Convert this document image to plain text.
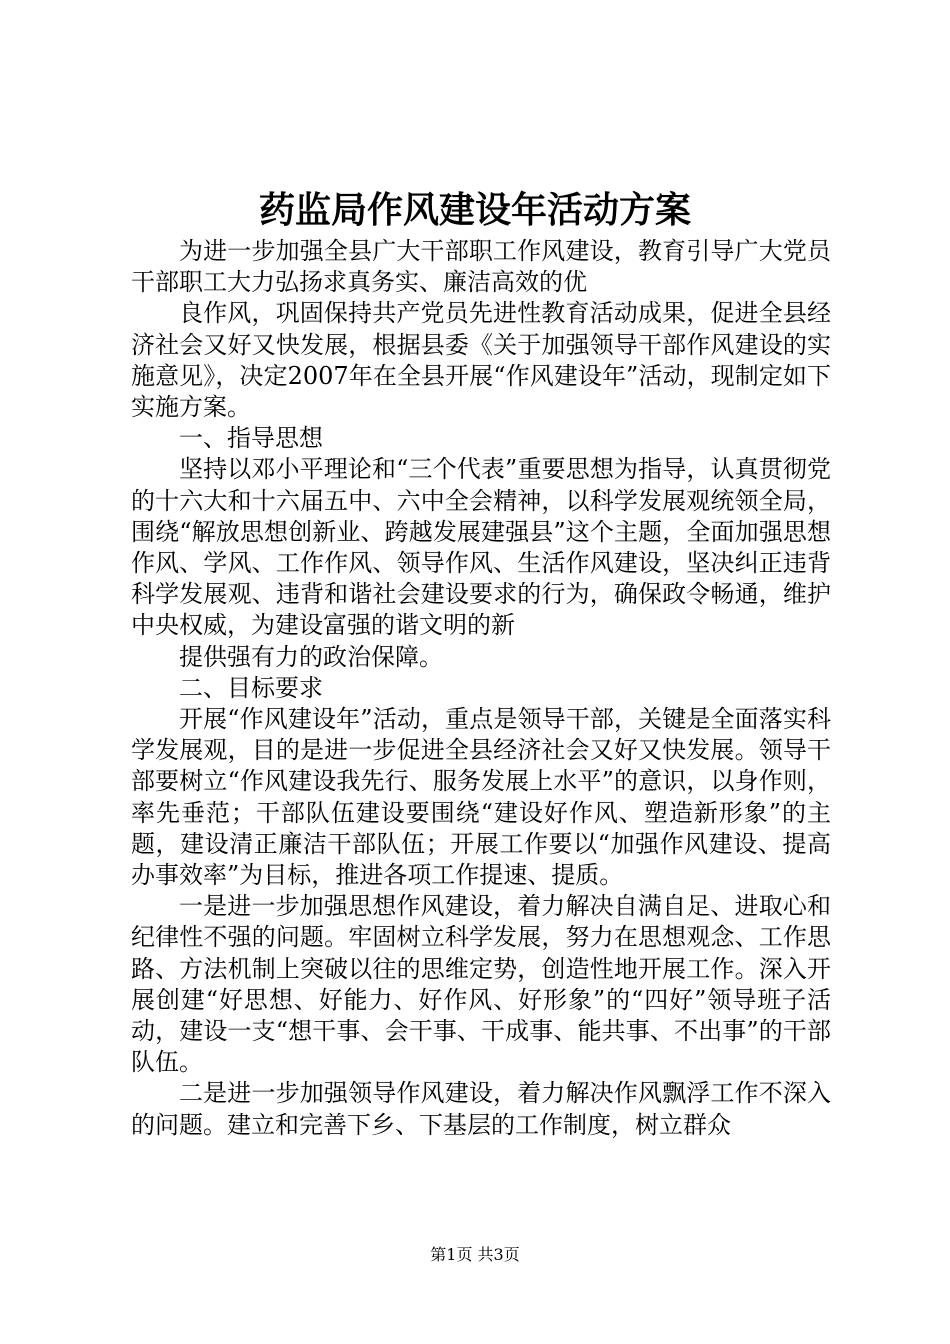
药监局作风建设年活动方案

为进一步加强全县广大干部职工作风建设，教育引导广大党员干部职工大力弘扬求真务实、廉洁高效的优

良作风，巩固保持共产党员先进性教育活动成果，促进全县经济社会又好又快发展，根据县委《关于加强领导干部作风建设的实施意见》，决定2007年在全县开展“作风建设年”活动，现制定如下实施方案。

一、指导思想

坚持以邓小平理论和“三个代表”重要思想为指导，认真贯彻党的十六大和十六届五中、六中全会精神，以科学发展观统领全局，围绕“解放思想创新业、跨越发展建强县”这个主题，全面加强思想作风、学风、工作作风、领导作风、生活作风建设，坚决纠正违背科学发展观、违背和谐社会建设要求的行为，确保政令畅通，维护中央权威，为建设富强的谐文明的新

提供强有力的政治保障。

二、目标要求

开展“作风建设年”活动，重点是领导干部，关键是全面落实科学发展观，目的是进一步促进全县经济社会又好又快发展。领导干部要树立“作风建设我先行、服务发展上水平”的意识，以身作则，率先垂范；干部队伍建设要围绕“建设好作风、塑造新形象”的主题，建设清正廉洁干部队伍；开展工作要以“加强作风建设、提高办事效率”为目标，推进各项工作提速、提质。

一是进一步加强思想作风建设，着力解决自满自足、进取心和纪律性不强的问题。牢固树立科学发展，努力在思想观念、工作思路、方法机制上突破以往的思维定势，创造性地开展工作。深入开展创建“好思想、好能力、好作风、好形象”的“四好”领导班子活动，建设一支“想干事、会干事、干成事、能共事、不出事”的干部队伍。

二是进一步加强领导作风建设，着力解决作风飘浮工作不深入的问题。建立和完善下乡、下基层的工作制度，树立群众

第1页 共3页
